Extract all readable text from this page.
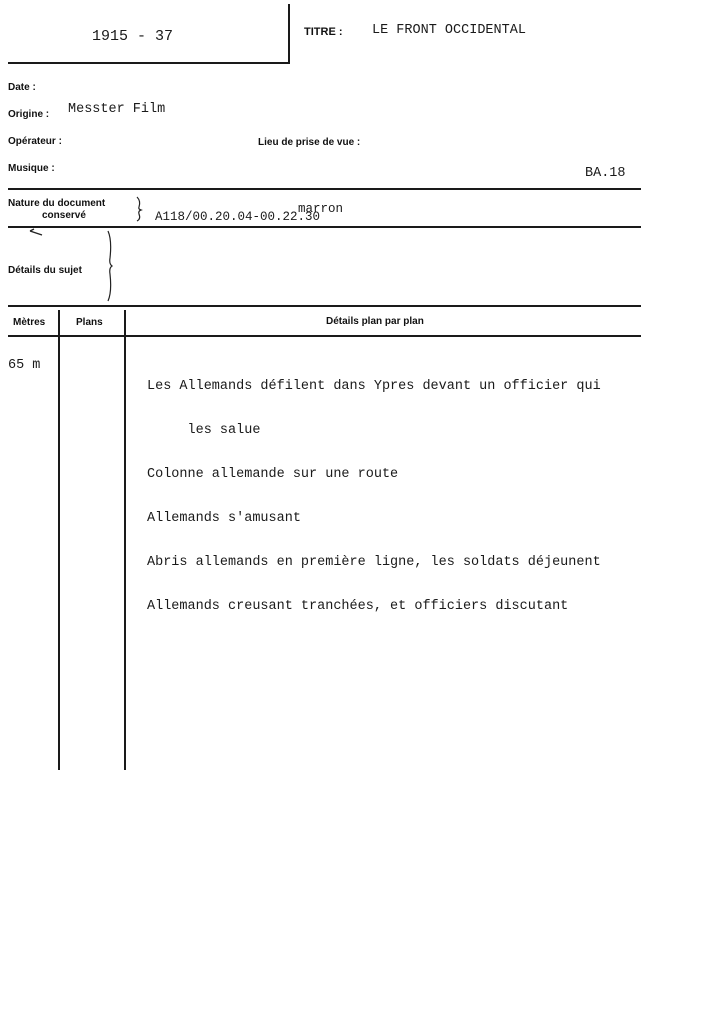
1915 - 37	TITRE : LE FRONT OCCIDENTAL
Date :
Origine : Messter Film
Opérateur :	Lieu de prise de vue :
Musique :	BA.18
Nature du document
conservé	A118/00.20.04-00.22.30
marron
Détails du sujet
Mètres	Plans	Détails plan par plan
65 m

Les Allemands défilent dans Ypres devant un officier qui

les salue

Colonne allemande sur une route

Allemands s'amusant

Abris allemands en première ligne, les soldats déjeunent

Allemands creusant tranchées, et officiers discutant
